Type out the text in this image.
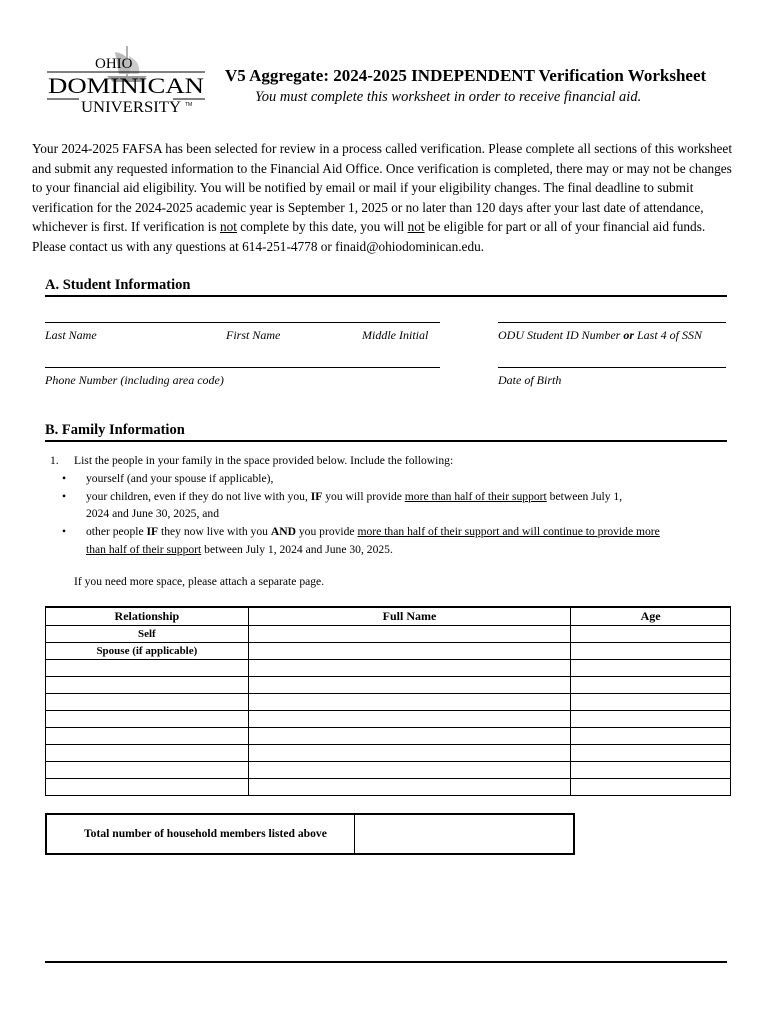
OHIO
DOMINICAN
UNIVERSITY TM
V5 Aggregate: 2024-2025 INDEPENDENT Verification Worksheet
You must complete this worksheet in order to receive financial aid.
Your 2024-2025 FAFSA has been selected for review in a process called verification. Please complete all sections of this worksheet and submit any requested information to the Financial Aid Office. Once verification is completed, there may or may not be changes to your financial aid eligibility. You will be notified by email or mail if your eligibility changes. The final deadline to submit verification for the 2024-2025 academic year is September 1, 2025 or no later than 120 days after your last date of attendance, whichever is first. If verification is not complete by this date, you will not be eligible for part or all of your financial aid funds. Please contact us with any questions at 614-251-4778 or finaid@ohiodominican.edu.
A. Student Information
Last Name	First Name	Middle Initial	ODU Student ID Number or Last 4 of SSN
Phone Number (including area code)	Date of Birth
B. Family Information
1. List the people in your family in the space provided below. Include the following:
• yourself (and your spouse if applicable),
• your children, even if they do not live with you, IF you will provide more than half of their support between July 1,
2024 and June 30, 2025, and
• other people IF they now live with you AND you provide more than half of their support and will continue to provide more
than half of their support between July 1, 2024 and June 30, 2025.
If you need more space, please attach a separate page.
Relationship	Full Name	Age
Self		
Spouse (if applicable)		

Total number of household members listed above
